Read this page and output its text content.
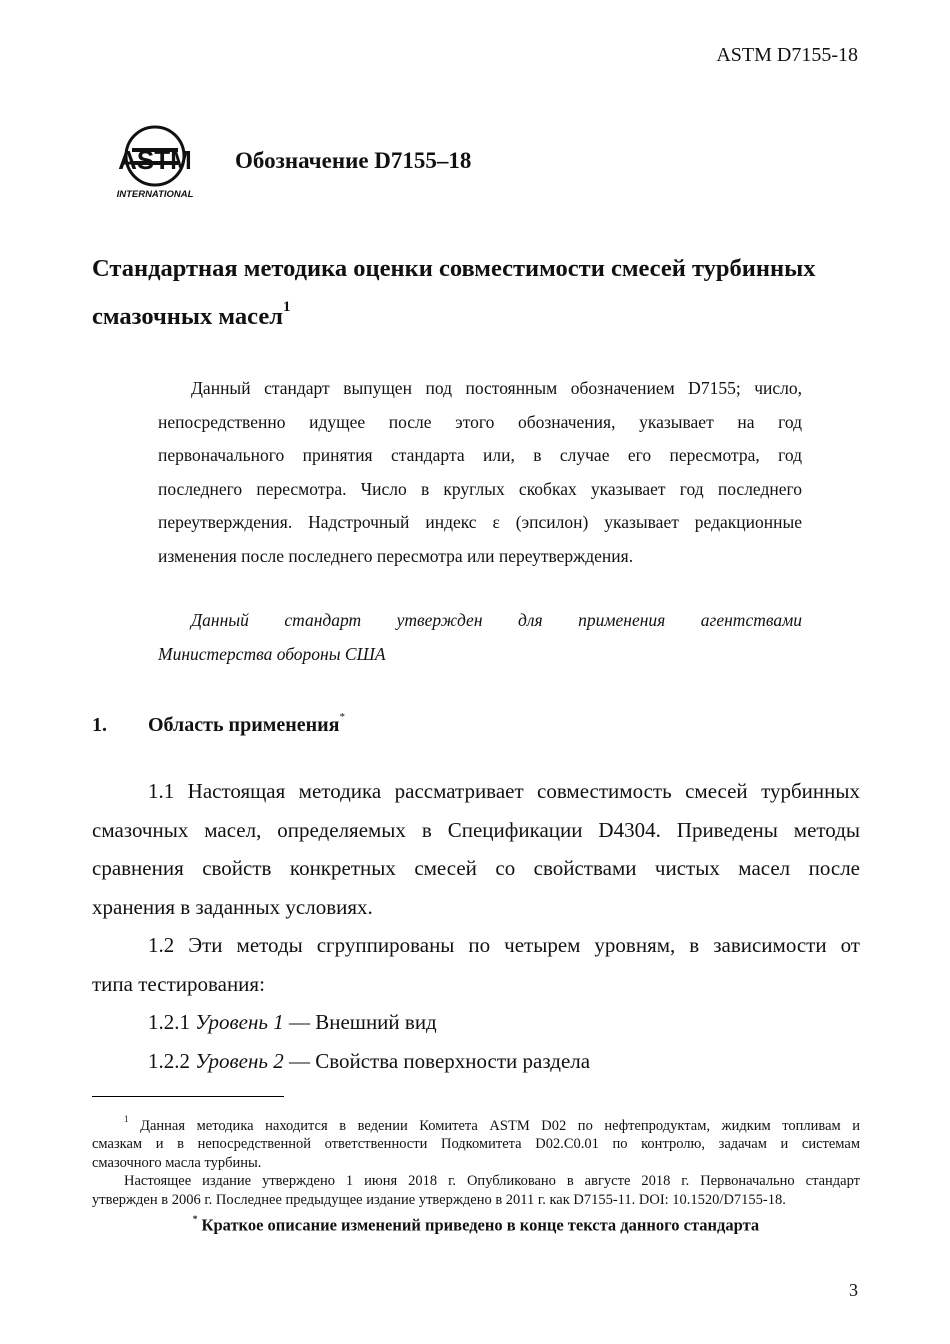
ASTM D7155-18
ASTM
INTERNATIONAL
Обозначение D7155–18
Стандартная методика оценки совместимости смесей турбинных
смазочных масел$^1$
Данный стандарт выпущен под постоянным обозначением D7155; число,
непосредственно идущее после этого обозначения, указывает на год
первоначального принятия стандарта или, в случае его пересмотра, год
последнего пересмотра. Число в круглых скобках указывает год последнего
переутверждения. Надстрочный индекс ε (эпсилон) указывает редакционные
изменения после последнего пересмотра или переутверждения.
Данный стандарт утвержден для применения агентствами
Министерства обороны США
1. Область применения*
1.1 Настоящая методика рассматривает совместимость смесей турбинных
смазочных масел, определяемых в Спецификации D4304. Приведены методы
сравнения свойств конкретных смесей со свойствами чистых масел после
хранения в заданных условиях.
1.2 Эти методы сгруппированы по четырем уровням, в зависимости от
типа тестирования:
1.2.1 Уровень 1 — Внешний вид
1.2.2 Уровень 2 — Свойства поверхности раздела
$^1$ Данная методика находится в ведении Комитета ASTM D02 по нефтепродуктам, жидким топливам и
смазкам и в непосредственной ответственности Подкомитета D02.C0.01 по контролю, задачам и системам
смазочного масла турбины.
Настоящее издание утверждено 1 июня 2018 г. Опубликовано в августе 2018 г. Первоначально стандарт
утвержден в 2006 г. Последнее предыдущее издание утверждено в 2011 г. как D7155-11. DOI: 10.1520/D7155-18.
* Краткое описание изменений приведено в конце текста данного стандарта
3
